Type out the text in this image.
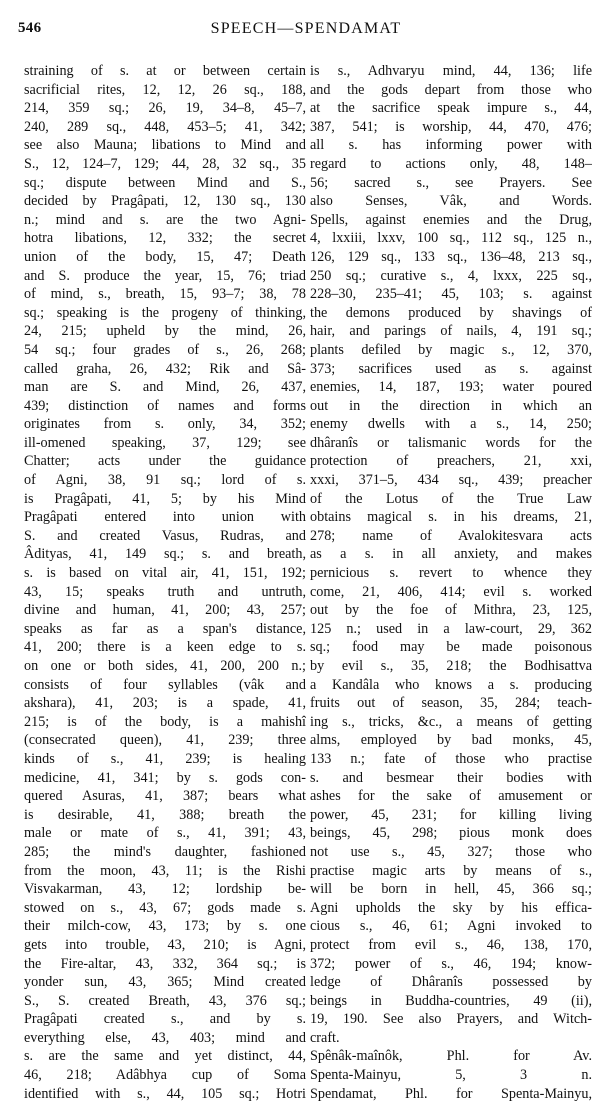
546	SPEECH—SPENDAMAT
straining of s. at or between certain
sacrificial rites, 12, 12, 26 sq., 188,
214, 359 sq.; 26, 19, 34–8, 45–7,
240, 289 sq., 448, 453–5; 41, 342;
see also Mauna; libations to Mind and
S., 12, 124–7, 129; 44, 28, 32 sq., 35
sq.; dispute between Mind and S.,
decided by Pragâpati, 12, 130 sq., 130
n.; mind and s. are the two Agni-
hotra libations, 12, 332; the secret
union of the body, 15, 47; Death
and S. produce the year, 15, 76; triad
of mind, s., breath, 15, 93–7; 38, 78
sq.; speaking is the progeny of thinking,
24, 215; upheld by the mind, 26,
54 sq.; four grades of s., 26, 268;
called graha, 26, 432; Rik and Sâ-
man are S. and Mind, 26, 437,
439; distinction of names and forms
originates from s. only, 34, 352;
ill-omened speaking, 37, 129; see
Chatter; acts under the guidance
of Agni, 38, 91 sq.; lord of s.
is Pragâpati, 41, 5; by his Mind
Pragâpati entered into union with
S. and created Vasus, Rudras, and
Âdityas, 41, 149 sq.; s. and breath,
s. is based on vital air, 41, 151, 192;
43, 15; speaks truth and untruth,
divine and human, 41, 200; 43, 257;
speaks as far as a span's distance,
41, 200; there is a keen edge to s.
on one or both sides, 41, 200, 200 n.;
consists of four syllables (vâk and
akshara), 41, 203; is a spade, 41,
215; is of the body, is a mahishî
(consecrated queen), 41, 239; three
kinds of s., 41, 239; is healing
medicine, 41, 341; by s. gods con-
quered Asuras, 41, 387; bears what
is desirable, 41, 388; breath the
male or mate of s., 41, 391; 43,
285; the mind's daughter, fashioned
from the moon, 43, 11; is the Rishi
Visvakarman, 43, 12; lordship be-
stowed on s., 43, 67; gods made s.
their milch-cow, 43, 173; by s. one
gets into trouble, 43, 210; is Agni,
the Fire-altar, 43, 332, 364 sq.; is
yonder sun, 43, 365; Mind created
S., S. created Breath, 43, 376 sq.;
Pragâpati created s., and by s.
everything else, 43, 403; mind and
s. are the same and yet distinct, 44,
46, 218; Adâbhya cup of Soma
identified with s., 44, 105 sq.; Hotri
is s., Adhvaryu mind, 44, 136; life
and the gods depart from those who
at the sacrifice speak impure s., 44,
387, 541; is worship, 44, 470, 476;
all s. has informing power with
regard to actions only, 48, 148–
56; sacred s., see Prayers. See
also Senses, Vâk, and Words.
Spells, against enemies and the Drug,
4, lxxiii, lxxv, 100 sq., 112 sq., 125 n.,
126, 129 sq., 133 sq., 136–48, 213 sq.,
250 sq.; curative s., 4, lxxx, 225 sq.,
228–30, 235–41; 45, 103; s. against
the demons produced by shavings of
hair, and parings of nails, 4, 191 sq.;
plants defiled by magic s., 12, 370,
373; sacrifices used as s. against
enemies, 14, 187, 193; water poured
out in the direction in which an
enemy dwells with a s., 14, 250;
dhâranîs or talismanic words for the
protection of preachers, 21, xxi,
xxxi, 371–5, 434 sq., 439; preacher
of the Lotus of the True Law
obtains magical s. in his dreams, 21,
278; name of Avalokitesvara acts
as a s. in all anxiety, and makes
pernicious s. revert to whence they
come, 21, 406, 414; evil s. worked
out by the foe of Mithra, 23, 125,
125 n.; used in a law-court, 29, 362
sq.; food may be made poisonous
by evil s., 35, 218; the Bodhisattva
a Kandâla who knows a s. producing
fruits out of season, 35, 284; teach-
ing s., tricks, &c., a means of getting
alms, employed by bad monks, 45,
133 n.; fate of those who practise
s. and besmear their bodies with
ashes for the sake of amusement or
power, 45, 231; for killing living
beings, 45, 298; pious monk does
not use s., 45, 327; those who
practise magic arts by means of s.,
will be born in hell, 45, 366 sq.;
Agni upholds the sky by his effica-
cious s., 46, 61; Agni invoked to
protect from evil s., 46, 138, 170,
372; power of s., 46, 194; know-
ledge of Dhâranîs possessed by
beings in Buddha-countries, 49 (ii),
19, 190. See also Prayers, and Witch-
craft.
Spênâk-maînôk, Phl. for Av.
Spenta-Mainyu, 5, 3 n.
Spendamat, Phl. for Spenta-Mainyu,
